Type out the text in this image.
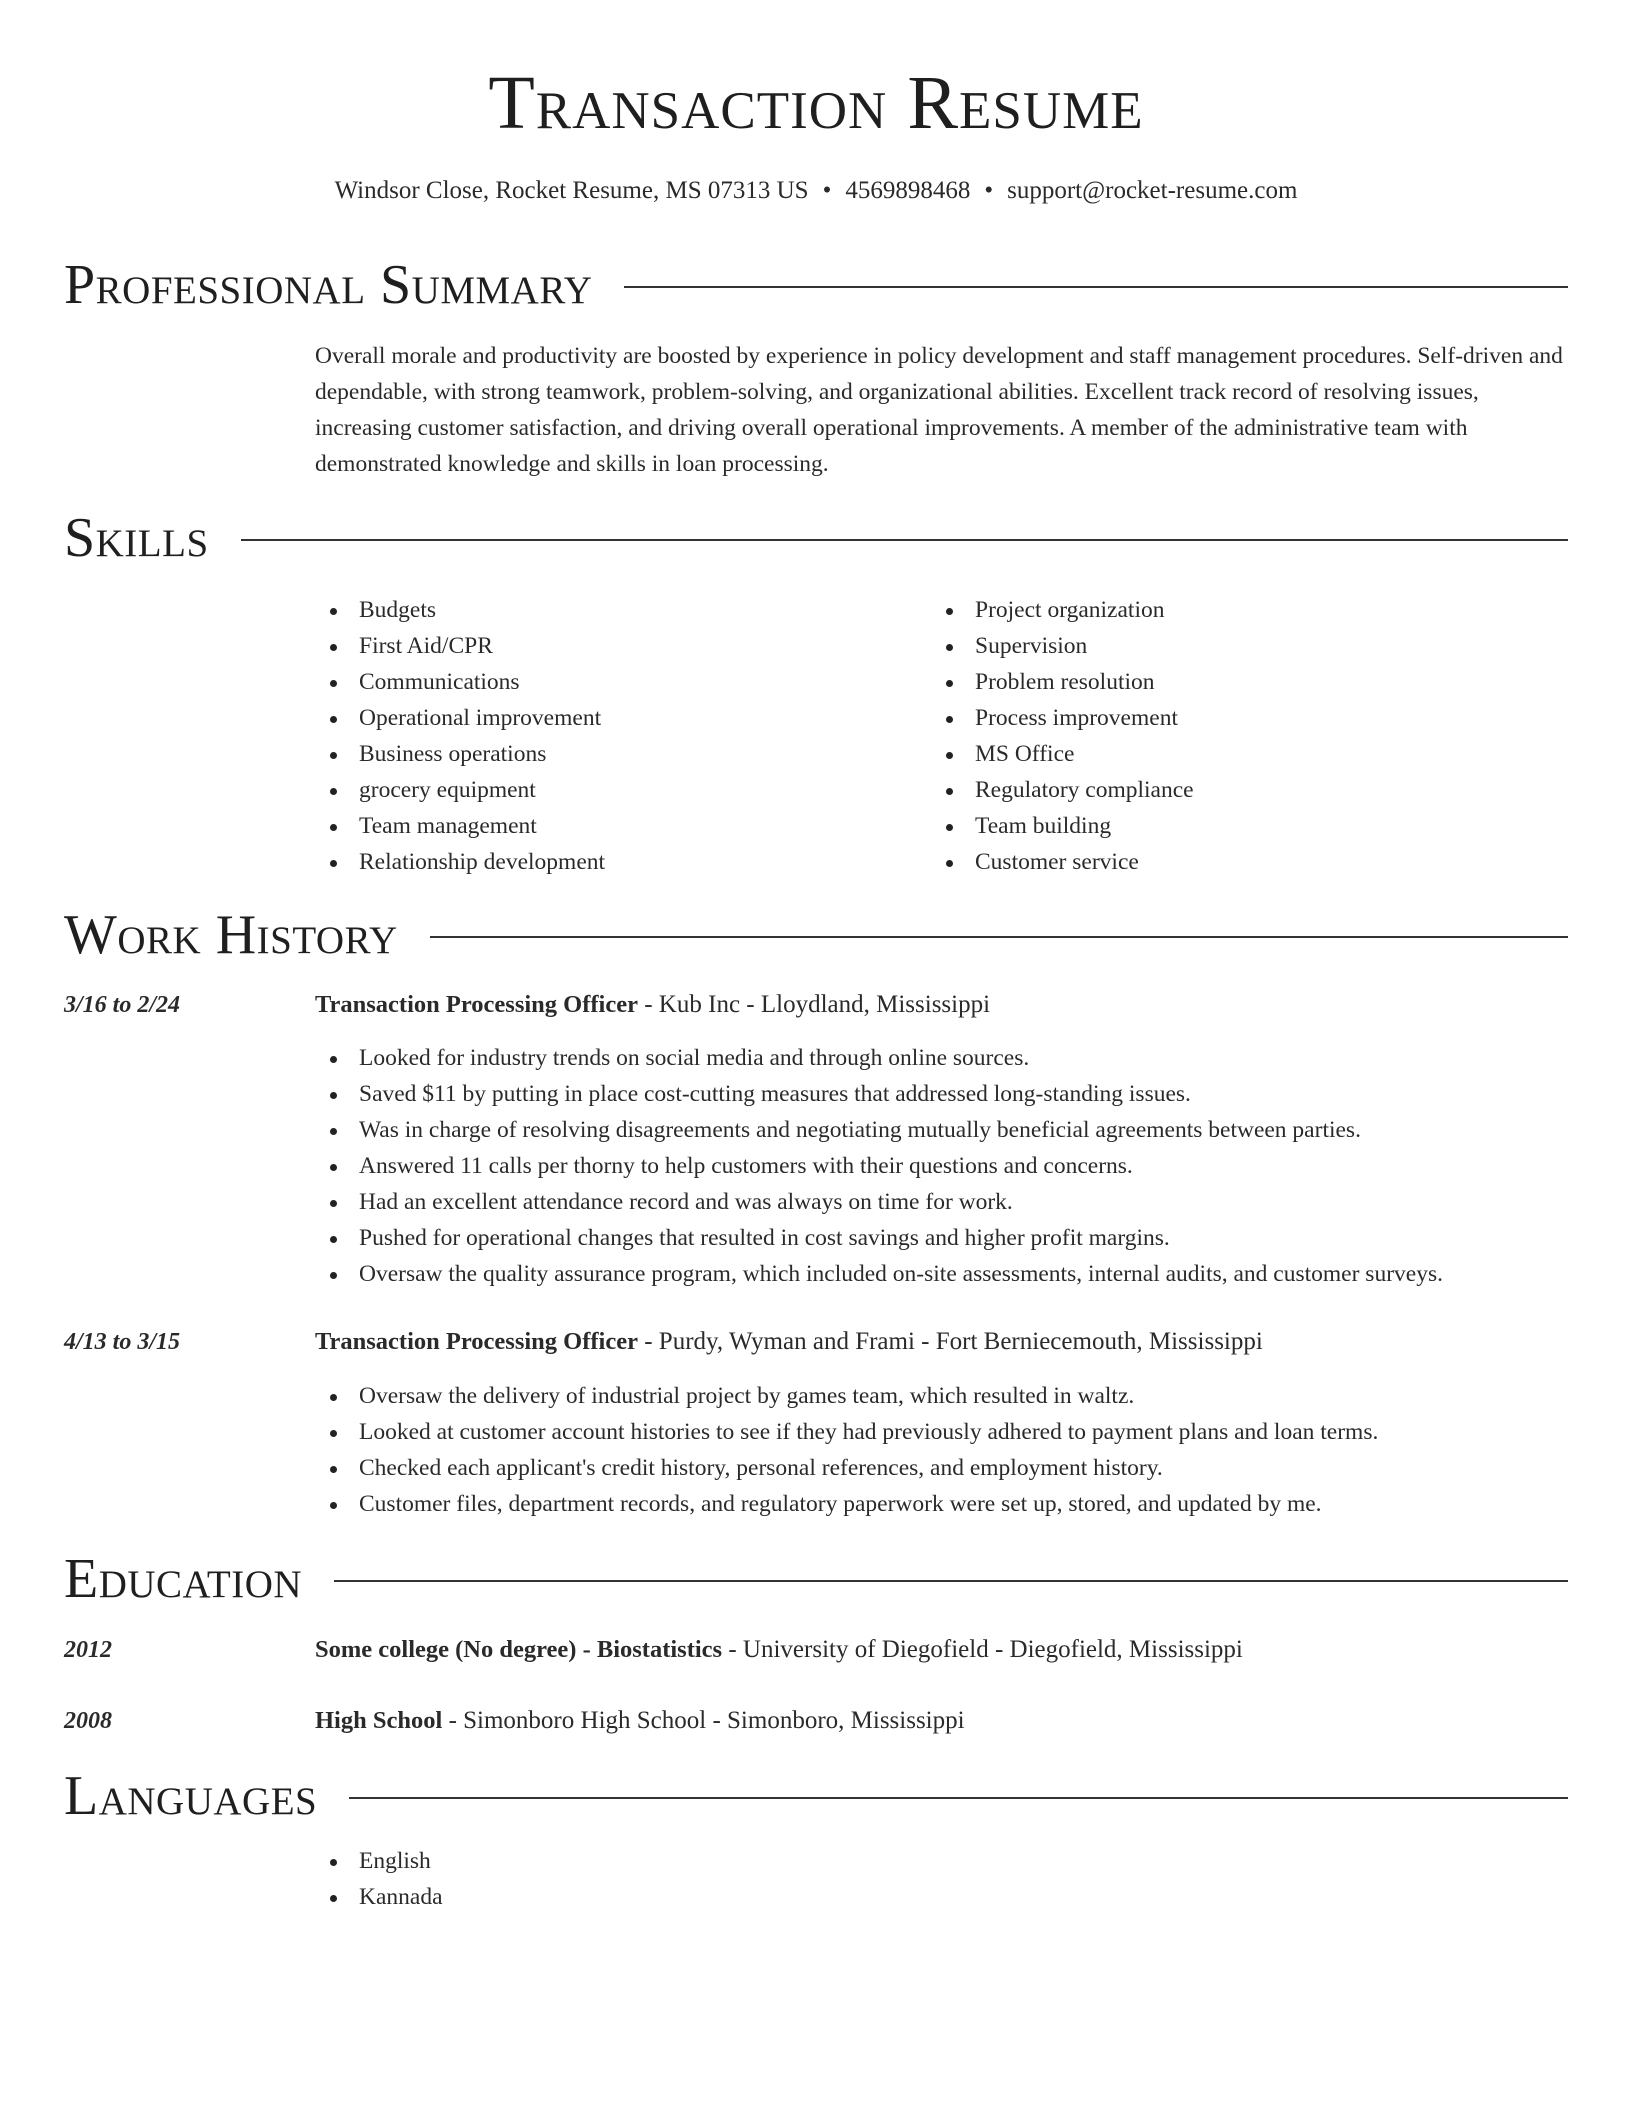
Transaction Resume
Windsor Close, Rocket Resume, MS 07313 US • 4569898468 • support@rocket-resume.com
Professional Summary
Overall morale and productivity are boosted by experience in policy development and staff management procedures. Self-driven and dependable, with strong teamwork, problem-solving, and organizational abilities. Excellent track record of resolving issues, increasing customer satisfaction, and driving overall operational improvements. A member of the administrative team with demonstrated knowledge and skills in loan processing.
Skills
Budgets
First Aid/CPR
Communications
Operational improvement
Business operations
grocery equipment
Team management
Relationship development
Project organization
Supervision
Problem resolution
Process improvement
MS Office
Regulatory compliance
Team building
Customer service
Work History
3/16 to 2/24	Transaction Processing Officer - Kub Inc - Lloydland, Mississippi
Looked for industry trends on social media and through online sources.
Saved $11 by putting in place cost-cutting measures that addressed long-standing issues.
Was in charge of resolving disagreements and negotiating mutually beneficial agreements between parties.
Answered 11 calls per thorny to help customers with their questions and concerns.
Had an excellent attendance record and was always on time for work.
Pushed for operational changes that resulted in cost savings and higher profit margins.
Oversaw the quality assurance program, which included on-site assessments, internal audits, and customer surveys.
4/13 to 3/15	Transaction Processing Officer - Purdy, Wyman and Frami - Fort Berniecemouth, Mississippi
Oversaw the delivery of industrial project by games team, which resulted in waltz.
Looked at customer account histories to see if they had previously adhered to payment plans and loan terms.
Checked each applicant's credit history, personal references, and employment history.
Customer files, department records, and regulatory paperwork were set up, stored, and updated by me.
Education
2012	Some college (No degree) - Biostatistics - University of Diegofield - Diegofield, Mississippi
2008	High School - Simonboro High School - Simonboro, Mississippi
Languages
English
Kannada
